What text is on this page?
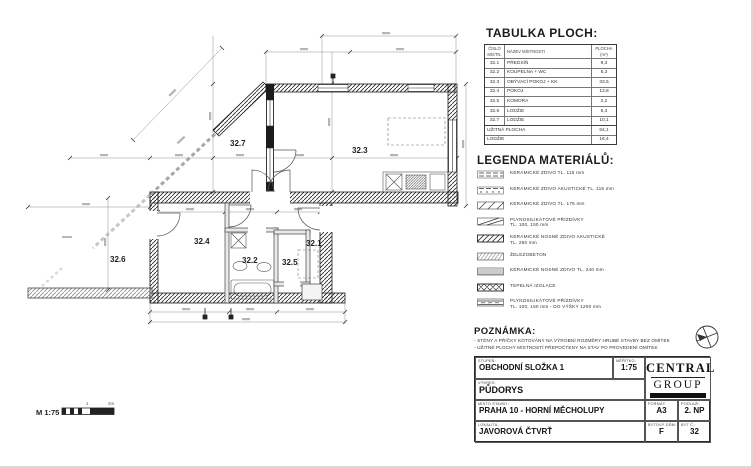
32.7
32.3
32.4
32.6	32.2	32.5
32.1
M 1:75
1	2m
TABULKA PLOCH:
ČÍSLO
MÍSTN.
NÁZEV MÍSTNOSTI
PLOCHA
(m²)
32.1	PŘEDSÍŇ	9,3
32.2	KOUPELNA + WC	5,3
32.3	OBÝVACÍ POKOJ + KK	33,5
32.4	POKOJ	13,8
32.5	KOMORA	2,2
32.6	LODŽIE	6,3
32.7	LODŽIE	10,1
UŽITNÁ PLOCHA	64,1
LODŽIE	16,4
LEGENDA MATERIÁLŮ:
KERAMICKÉ ZDIVO TL. 115 mm

KERAMICKÉ ZDIVO AKUSTICKÉ TL. 115 mm

KERAMICKÉ ZDIVO TL. 175 mm

PLYNOSILIKÁTOVÉ PŘÍZDÍVKY
TL. 100, 150 mm
KERAMICKÉ NOSNÉ ZDIVO AKUSTICKÉ
TL. 250 mm
ŽELEZOBETON

KERAMICKÉ NOSNÉ ZDIVO TL. 240 mm

TEPELNÁ IZOLACE

PLYNOSILIKÁTOVÉ PŘÍZDÍVKY
TL. 100, 150 mm - DO VÝŠKY 1200 mm
POZNÁMKA:
- STĚNY A PŘÍČKY KÓTOVÁNY NA VÝROBNÍ ROZMĚRY HRUBÉ STAVBY BEZ OMÍTEK
- UŽITNÉ PLOCHY MÍSTNOSTÍ PŘEPOČTENY NA STAV PO PROVEDENÍ OMÍTEK
STUPEŇ:
OBCHODNÍ SLOŽKA 1
MĚŘÍTKO:
1:75
VÝKRES:
PŮDORYS
MÍSTO STAVBY:
PRAHA 10 - HORNÍ MĚCHOLUPY
FORMÁT:
A3
PODLAŽÍ:
2. NP
LOKALITA:
JAVOROVÁ ČTVRŤ
BYTOVÝ DŮM:
F
BYT Č.:
32
CENTRAL
GROUP
